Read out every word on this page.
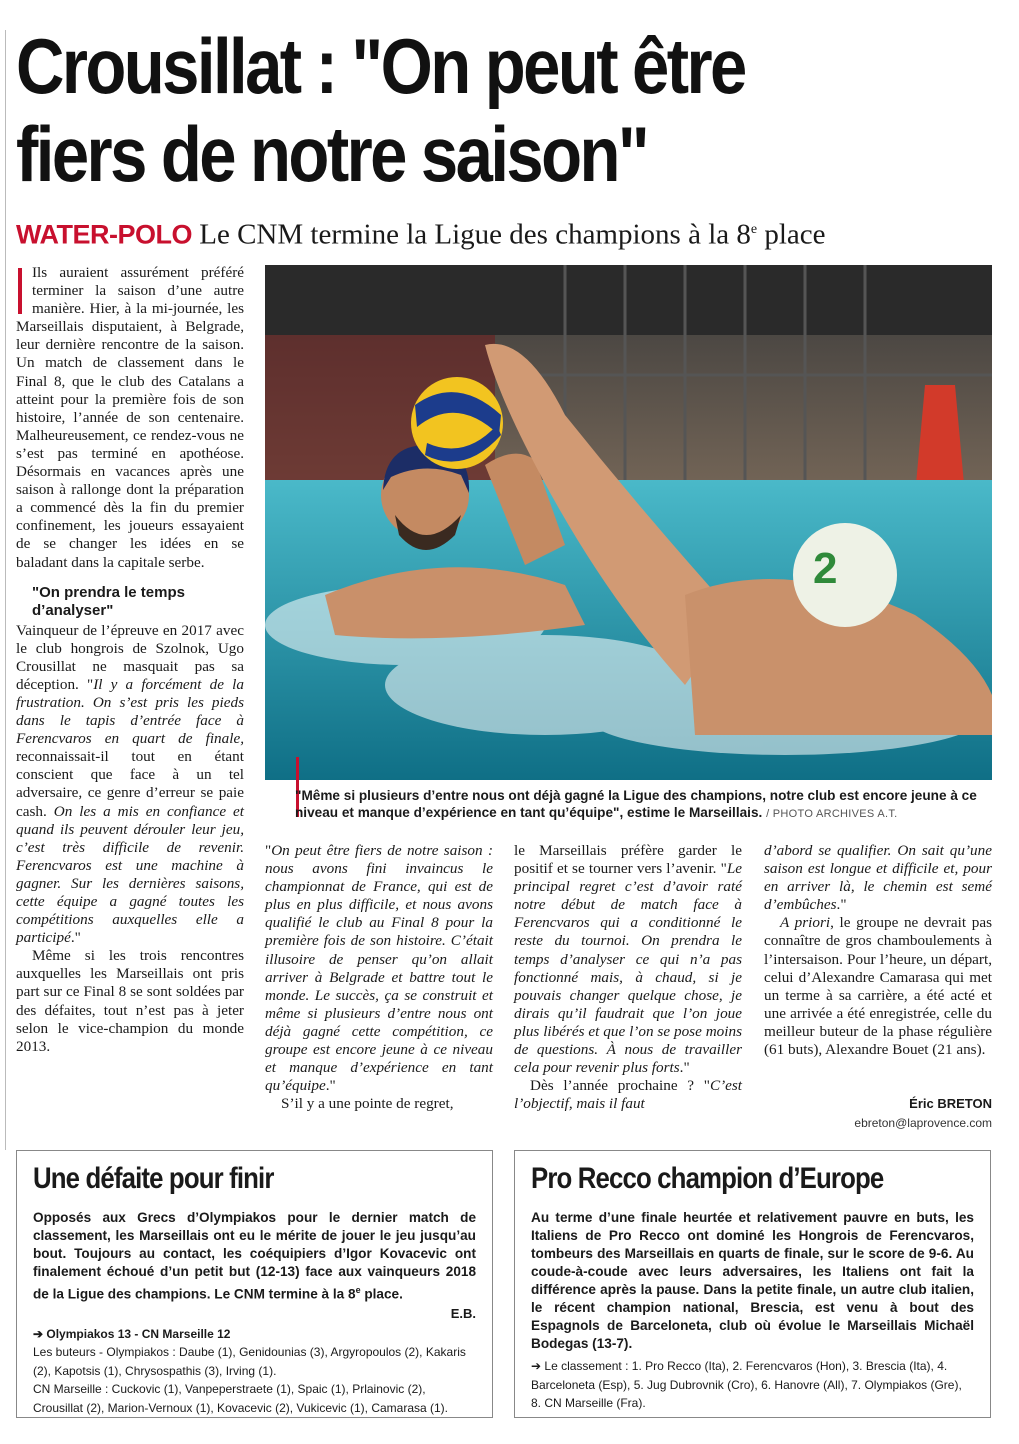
Crousillat : "On peut être
fiers de notre saison"
WATER-POLO Le CNM termine la Ligue des champions à la 8e place

Ils auraient assurément préféré terminer la saison d’une autre manière. Hier, à la mi-journée, les Marseillais disputaient, à Belgrade, leur dernière rencontre de la saison. Un match de classement dans le Final 8, que le club des Catalans a atteint pour la première fois de son histoire, l’année de son centenaire. Malheureusement, ce rendez-vous ne s’est pas terminé en apothéose. Désormais en vacances après une saison à rallonge dont la préparation a commencé dès la fin du premier confinement, les joueurs essayaient de se changer les idées en se baladant dans la capitale serbe.

"On prendra le temps d’analyser"

Vainqueur de l’épreuve en 2017 avec le club hongrois de Szolnok, Ugo Crousillat ne masquait pas sa déception. "Il y a forcément de la frustration. On s’est pris les pieds dans le tapis d’entrée face à Ferencvaros en quart de finale, reconnaissait-il tout en étant conscient que face à un tel adversaire, ce genre d’erreur se paie cash. On les a mis en confiance et quand ils peuvent dérouler leur jeu, c’est très difficile de revenir. Ferencvaros est une machine à gagner. Sur les dernières saisons, cette équipe a gagné toutes les compétitions auxquelles elle a participé."

Même si les trois rencontres auxquelles les Marseillais ont pris part sur ce Final 8 se sont soldées par des défaites, tout n’est pas à jeter selon le vice-champion du monde 2013.

2
"Même si plusieurs d’entre nous ont déjà gagné la Ligue des champions, notre club est encore jeune à ce niveau et manque d’expérience en tant qu’équipe", estime le Marseillais. / PHOTO ARCHIVES A.T.

"On peut être fiers de notre saison : nous avons fini invaincus le championnat de France, qui est de plus en plus difficile, et nous avons qualifié le club au Final 8 pour la première fois de son histoire. C’était illusoire de penser qu’on allait arriver à Belgrade et battre tout le monde. Le succès, ça se construit et même si plusieurs d’entre nous ont déjà gagné cette compétition, ce groupe est encore jeune à ce niveau et manque d’expérience en tant qu’équipe."

S’il y a une pointe de regret,

le Marseillais préfère garder le positif et se tourner vers l’avenir. "Le principal regret c’est d’avoir raté notre début de match face à Ferencvaros qui a conditionné le reste du tournoi. On prendra le temps d’analyser ce qui n’a pas fonctionné mais, à chaud, si je pouvais changer quelque chose, je dirais qu’il faudrait que l’on joue plus libérés et que l’on se pose moins de questions. À nous de travailler cela pour revenir plus forts."

Dès l’année prochaine ? "C’est l’objectif, mais il faut

d’abord se qualifier. On sait qu’une saison est longue et difficile et, pour en arriver là, le chemin est semé d’embûches."

A priori, le groupe ne devrait pas connaître de gros chamboulements à l’intersaison. Pour l’heure, un départ, celui d’Alexandre Camarasa qui met un terme à sa carrière, a été acté et une arrivée a été enregistrée, celle du meilleur buteur de la phase régulière (61 buts), Alexandre Bouet (21 ans).

Éric BRETON
ebreton@laprovence.com
Une défaite pour finir
Opposés aux Grecs d’Olympiakos pour le dernier match de classement, les Marseillais ont eu le mérite de jouer le jeu jusqu’au bout. Toujours au contact, les coéquipiers d’Igor Kovacevic ont finalement échoué d’un petit but (12-13) face aux vainqueurs 2018 de la Ligue des champions. Le CNM termine à la 8e place.
E.B.
➔ Olympiakos 13 - CN Marseille 12
Les buteurs - Olympiakos : Daube (1), Genidounias (3), Argyropoulos (2), Kakaris (2), Kapotsis (1), Chrysospathis (3), Irving (1).
CN Marseille : Cuckovic (1), Vanpeperstraete (1), Spaic (1), Prlainovic (2), Crousillat (2), Marion-Vernoux (1), Kovacevic (2), Vukicevic (1), Camarasa (1).
Pro Recco champion d’Europe
Au terme d’une finale heurtée et relativement pauvre en buts, les Italiens de Pro Recco ont dominé les Hongrois de Ferencvaros, tombeurs des Marseillais en quarts de finale, sur le score de 9-6. Au coude-à-coude avec leurs adversaires, les Italiens ont fait la différence après la pause. Dans la petite finale, un autre club italien, le récent champion national, Brescia, est venu à bout des Espagnols de Barceloneta, club où évolue le Marseillais Michaël Bodegas (13-7).
➔ Le classement : 1. Pro Recco (Ita), 2. Ferencvaros (Hon), 3. Brescia (Ita), 4. Barceloneta (Esp), 5. Jug Dubrovnik (Cro), 6. Hanovre (All), 7. Olympiakos (Gre), 8. CN Marseille (Fra).
